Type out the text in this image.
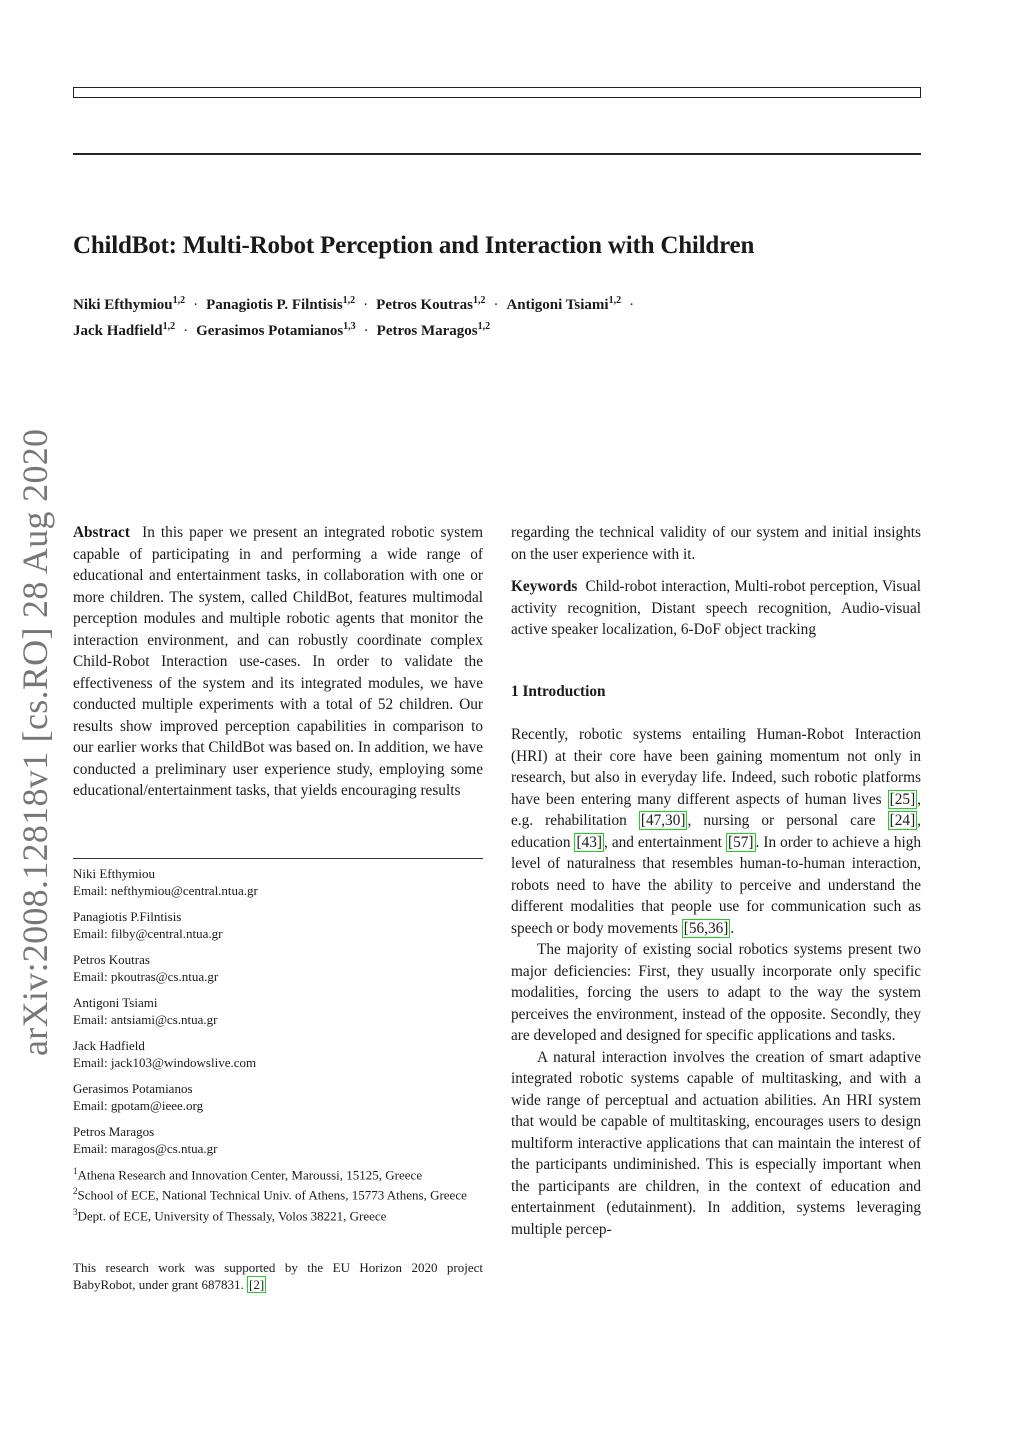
ChildBot: Multi-Robot Perception and Interaction with Children
Niki Efthymiou$^{1,2}$ · Panagiotis P. Filntisis$^{1,2}$ · Petros Koutras$^{1,2}$ · Antigoni Tsiami$^{1,2}$ ·
Jack Hadfield$^{1,2}$ · Gerasimos Potamianos$^{1,3}$ · Petros Maragos$^{1,2}$
arXiv:2008.12818v1 [cs.RO] 28 Aug 2020 Abstract In this paper we present an integrated robotic system capable of participating in and performing a wide range of educational and entertainment tasks, in collaboration with one or more children. The system, called ChildBot, features multimodal perception modules and multiple robotic agents that monitor the interaction environment, and can robustly coordinate complex Child-Robot Interaction use-cases. In order to validate the effectiveness of the system and its integrated modules, we have conducted multiple experiments with a total of 52 children. Our results show improved perception capabilities in comparison to our earlier works that ChildBot was based on. In addition, we have conducted a preliminary user experience study, employing some educational/entertainment tasks, that yields encouraging results

Niki Efthymiou
Email: nefthymiou@central.ntua.gr
Panagiotis P.Filntisis
Email: filby@central.ntua.gr
Petros Koutras
Email: pkoutras@cs.ntua.gr
Antigoni Tsiami
Email: antsiami@cs.ntua.gr
Jack Hadfield
Email: jack103@windowslive.com
Gerasimos Potamianos
Email: gpotam@ieee.org
Petros Maragos
Email: maragos@cs.ntua.gr
$^1$Athena Research and Innovation Center, Maroussi, 15125, Greece
$^2$School of ECE, National Technical Univ. of Athens, 15773 Athens, Greece
$^3$Dept. of ECE, University of Thessaly, Volos 38221, Greece
This research work was supported by the EU Horizon 2020 project BabyRobot, under grant 687831. [2]

regarding the technical validity of our system and initial insights on the user experience with it.

Keywords Child-robot interaction, Multi-robot perception, Visual activity recognition, Distant speech recognition, Audio-visual active speaker localization, 6-DoF object tracking

1 Introduction

Recently, robotic systems entailing Human-Robot Interaction (HRI) at their core have been gaining momentum not only in research, but also in everyday life. Indeed, such robotic platforms have been entering many different aspects of human lives [25] , e.g. rehabilitation [47,30] , nursing or personal care [24] , education [43] , and entertainment [57] . In order to achieve a high level of naturalness that resembles human-to-human interaction, robots need to have the ability to perceive and understand the different modalities that people use for communication such as speech or body movements [56,36] .

The majority of existing social robotics systems present two major deficiencies: First, they usually incorporate only specific modalities, forcing the users to adapt to the way the system perceives the environment, instead of the opposite. Secondly, they are developed and designed for specific applications and tasks.

A natural interaction involves the creation of smart adaptive integrated robotic systems capable of multitasking, and with a wide range of perceptual and actuation abilities. An HRI system that would be capable of multitasking, encourages users to design multiform interactive applications that can maintain the interest of the participants undiminished. This is especially important when the participants are children, in the context of education and entertainment (edutainment). In addition, systems leveraging multiple percep-
